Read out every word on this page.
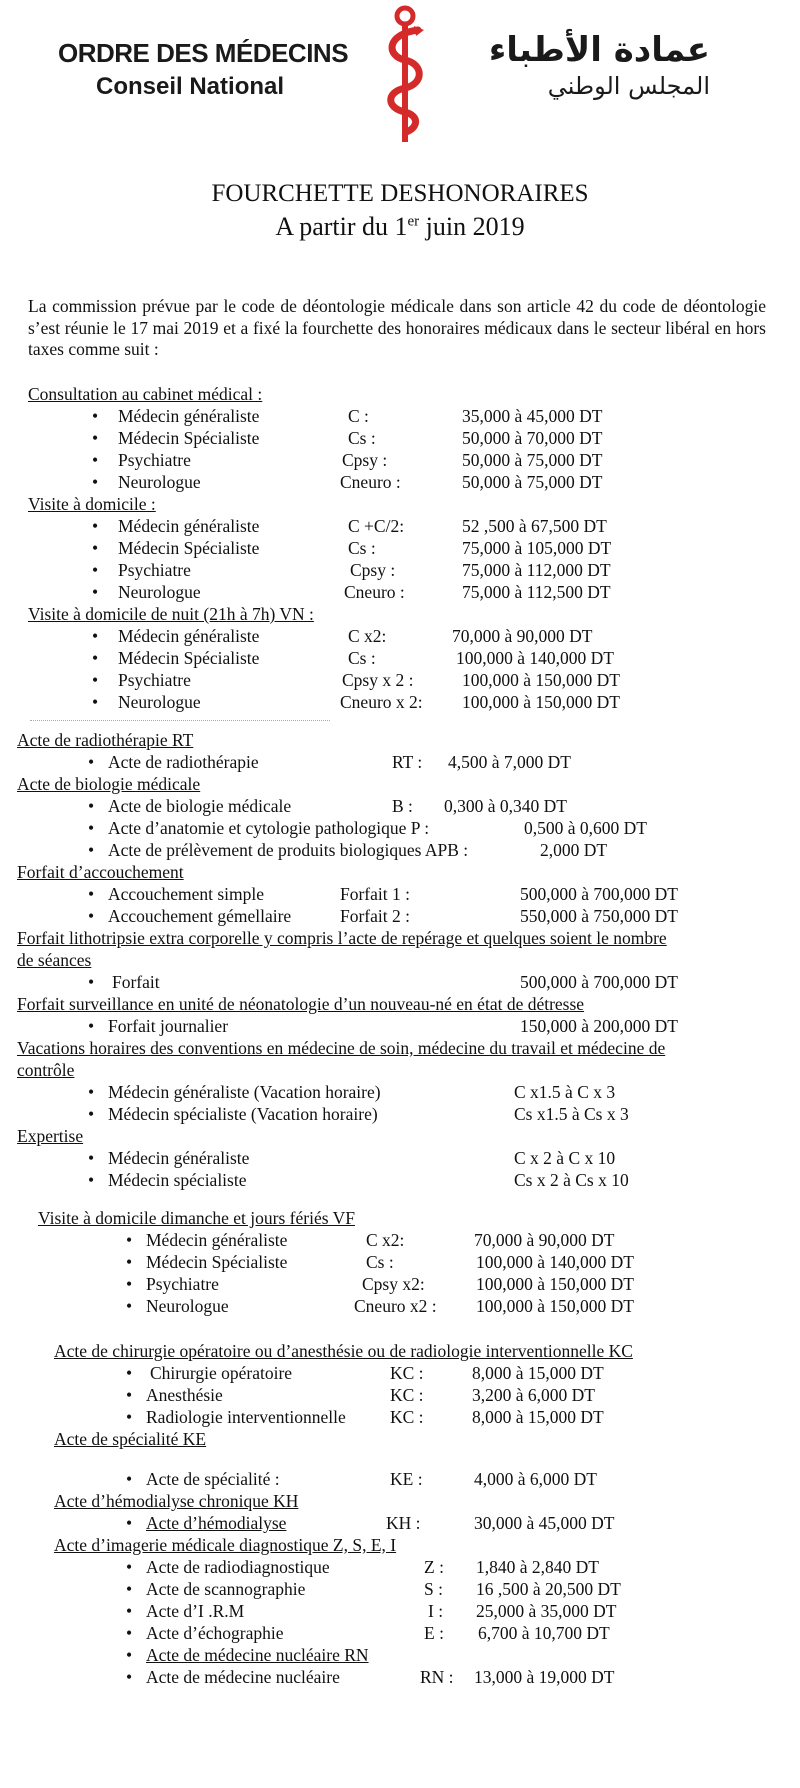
ORDRE DES MÉDECINS
Conseil National
عمادة الأطباء
المجلس الوطني
FOURCHETTE DESHONORAIRES
A partir du 1er juin 2019
La commission prévue par le code de déontologie médicale dans son article 42 du code de déontologie s’est réunie le 17 mai 2019 et a fixé la fourchette des honoraires médicaux dans le secteur libéral en hors taxes comme suit :
Consultation au cabinet médical :
• Médecin généraliste	C :	35,000 à 45,000 DT
• Médecin Spécialiste	Cs :	50,000 à 70,000 DT
• Psychiatre	Cpsy :	50,000 à 75,000 DT
• Neurologue	Cneuro :	50,000 à 75,000 DT
Visite à domicile :
• Médecin généraliste	C +C/2:	52 ,500 à 67,500 DT
• Médecin Spécialiste	Cs :	75,000 à 105,000 DT
• Psychiatre	Cpsy :	75,000 à 112,000 DT
• Neurologue	Cneuro :	75,000 à 112,500 DT
Visite à domicile de nuit (21h à 7h) VN :
• Médecin généraliste	C x2:	70,000 à 90,000 DT
• Médecin Spécialiste	Cs :	100,000 à 140,000 DT
• Psychiatre	Cpsy x 2 :	100,000 à 150,000 DT
• Neurologue	Cneuro x 2: 100,000 à 150,000 DT
Acte de radiothérapie RT
• Acte de radiothérapie	RT : 4,500 à 7,000 DT
Acte de biologie médicale
• Acte de biologie médicale	B : 0,300 à 0,340 DT
• Acte d’anatomie et cytologie pathologique P :	0,500 à 0,600 DT
• Acte de prélèvement de produits biologiques APB :	2,000 DT
Forfait d’accouchement
• Accouchement simple	Forfait 1 :	500,000 à 700,000 DT
• Accouchement gémellaire	Forfait 2 :	550,000 à 750,000 DT
Forfait lithotripsie extra corporelle y compris l’acte de repérage et quelques soient le nombre
de séances
• Forfait	500,000 à 700,000 DT
Forfait surveillance en unité de néonatologie d’un nouveau-né en état de détresse
• Forfait journalier	150,000 à 200,000 DT
Vacations horaires des conventions en médecine de soin, médecine du travail et médecine de
contrôle
• Médecin généraliste (Vacation horaire)	C x1.5 à C x 3
• Médecin spécialiste (Vacation horaire)	Cs x1.5 à Cs x 3
Expertise
• Médecin généraliste	C x 2 à C x 10
• Médecin spécialiste	Cs x 2 à Cs x 10
Visite à domicile dimanche et jours fériés VF
• Médecin généraliste	C x2:	70,000 à 90,000 DT
• Médecin Spécialiste	Cs :	100,000 à 140,000 DT
• Psychiatre	Cpsy x2:	100,000 à 150,000 DT
• Neurologue	Cneuro x2 : 100,000 à 150,000 DT
Acte de chirurgie opératoire ou d’anesthésie ou de radiologie interventionnelle KC
• Chirurgie opératoire	KC :	8,000 à 15,000 DT
• Anesthésie	KC :	3,200 à 6,000 DT
• Radiologie interventionnelle	KC :	8,000 à 15,000 DT
Acte de spécialité KE
• Acte de spécialité :	KE :	4,000 à 6,000 DT
Acte d’hémodialyse chronique KH
• Acte d’hémodialyse	KH :	30,000 à 45,000 DT
Acte d’imagerie médicale diagnostique Z, S, E, I
• Acte de radiodiagnostique	Z : 1,840 à 2,840 DT
• Acte de scannographie	S : 16 ,500 à 20,500 DT
• Acte d’I .R.M	I : 25,000 à 35,000 DT
• Acte d’échographie	E : 6,700 à 10,700 DT
• Acte de médecine nucléaire RN
• Acte de médecine nucléaire	RN : 13,000 à 19,000 DT
